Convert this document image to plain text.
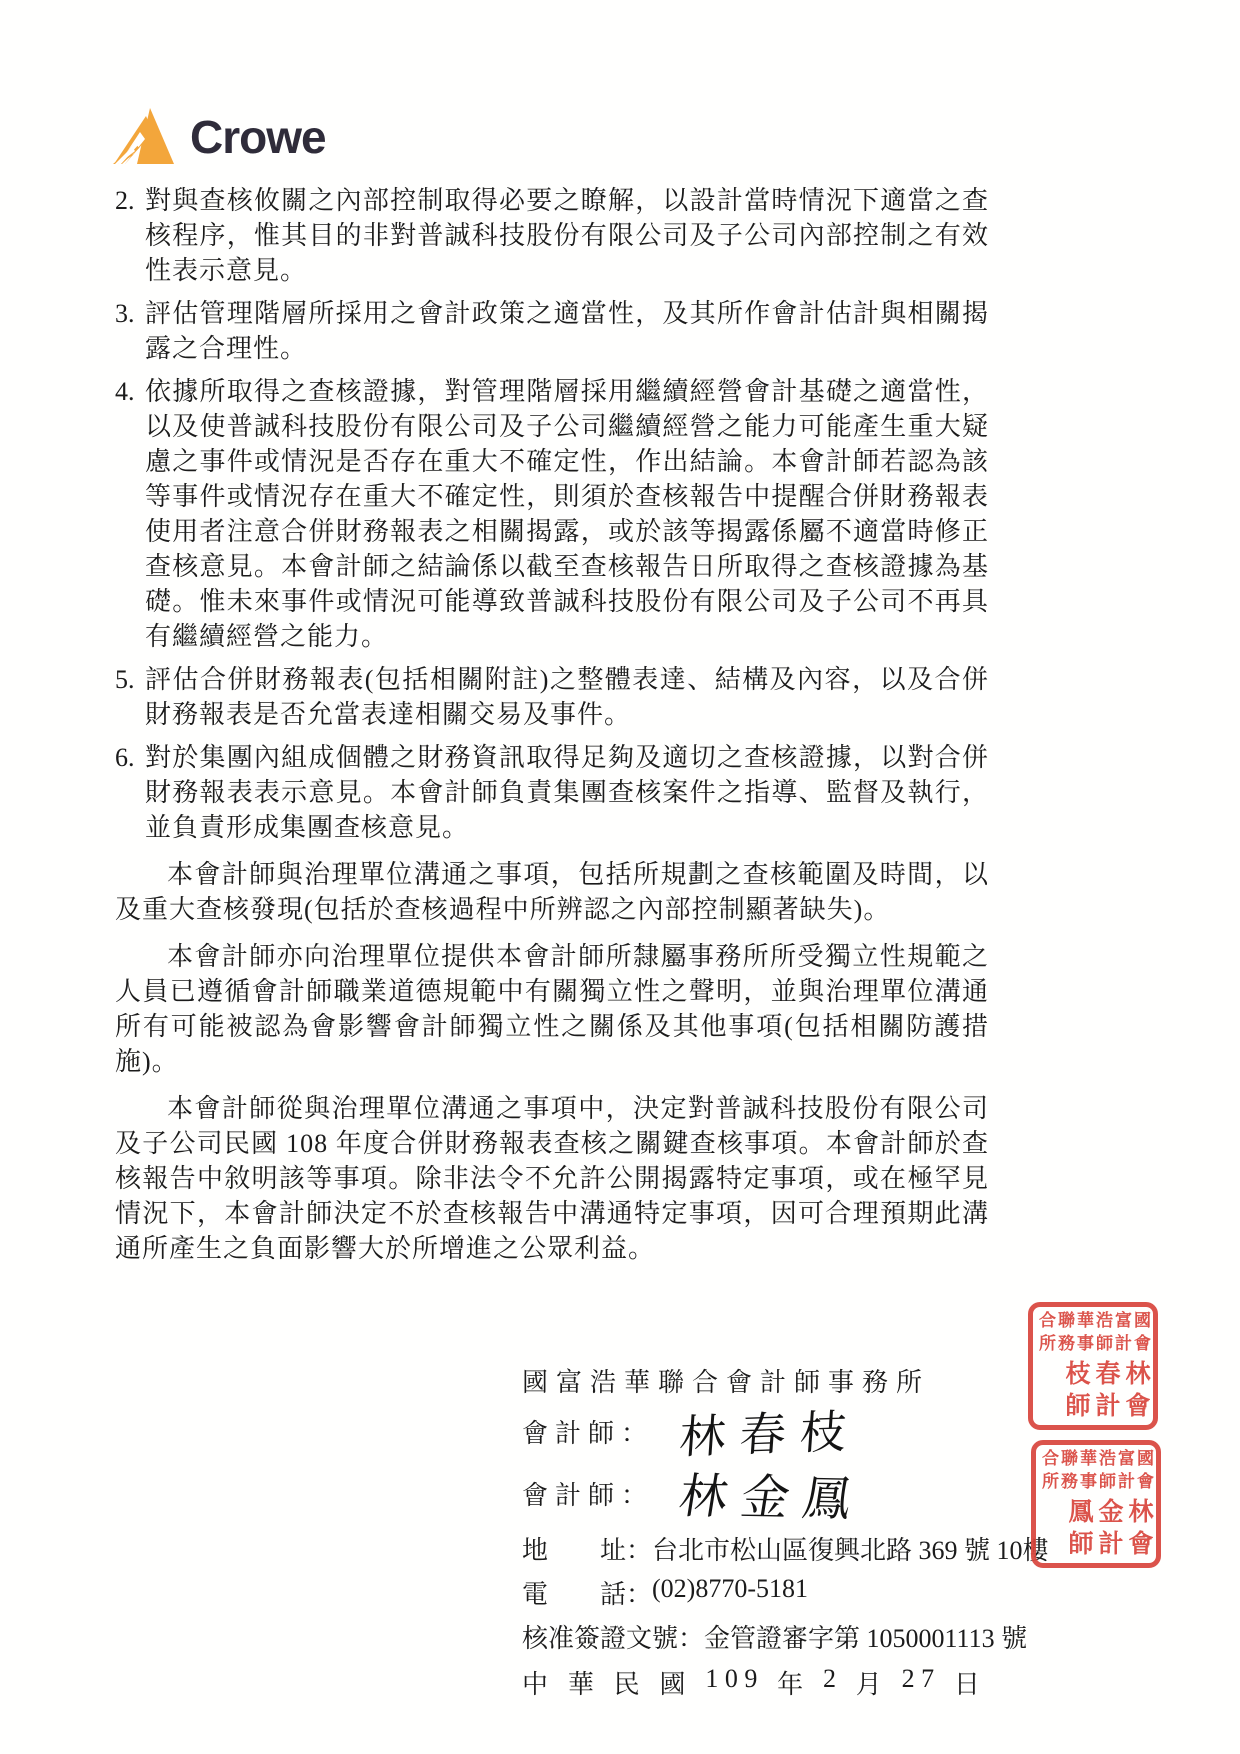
Crowe
2. 對與查核攸關之內部控制取得必要之瞭解，以設計當時情況下適當之查核程序，惟其目的非對普誠科技股份有限公司及子公司內部控制之有效性表示意見。
3. 評估管理階層所採用之會計政策之適當性，及其所作會計估計與相關揭露之合理性。
4. 依據所取得之查核證據，對管理階層採用繼續經營會計基礎之適當性，以及使普誠科技股份有限公司及子公司繼續經營之能力可能產生重大疑慮之事件或情況是否存在重大不確定性，作出結論。本會計師若認為該等事件或情況存在重大不確定性，則須於查核報告中提醒合併財務報表使用者注意合併財務報表之相關揭露，或於該等揭露係屬不適當時修正查核意見。本會計師之結論係以截至查核報告日所取得之查核證據為基礎。惟未來事件或情況可能導致普誠科技股份有限公司及子公司不再具有繼續經營之能力。
5. 評估合併財務報表(包括相關附註)之整體表達、結構及內容，以及合併財務報表是否允當表達相關交易及事件。
6. 對於集團內組成個體之財務資訊取得足夠及適切之查核證據，以對合併財務報表表示意見。本會計師負責集團查核案件之指導、監督及執行，並負責形成集團查核意見。
本會計師與治理單位溝通之事項，包括所規劃之查核範圍及時間，以及重大查核發現(包括於查核過程中所辨認之內部控制顯著缺失)。
本會計師亦向治理單位提供本會計師所隸屬事務所所受獨立性規範之人員已遵循會計師職業道德規範中有關獨立性之聲明，並與治理單位溝通所有可能被認為會影響會計師獨立性之關係及其他事項(包括相關防護措施)。
本會計師從與治理單位溝通之事項中，決定對普誠科技股份有限公司及子公司民國 108 年度合併財務報表查核之關鍵查核事項。本會計師於查核報告中敘明該等事項。除非法令不允許公開揭露特定事項，或在極罕見情況下，本會計師決定不於查核報告中溝通特定事項，因可合理預期此溝通所產生之負面影響大於所增進之公眾利益。
國富浩華聯合會計師事務所
會計師： 林春枝
會計師： 林金鳳
地　　址： 台北市松山區復興北路 369 號 10樓
電　　話： (02)8770-5181
核准簽證文號： 金管證審字第 1050001113 號
中 華 民 國 1 0 9 年 2 月 2 7 日
國富浩華聯合
會計師事務所
林春枝
會計師
國富浩華聯合
會計師事務所
林金鳳
會計師
